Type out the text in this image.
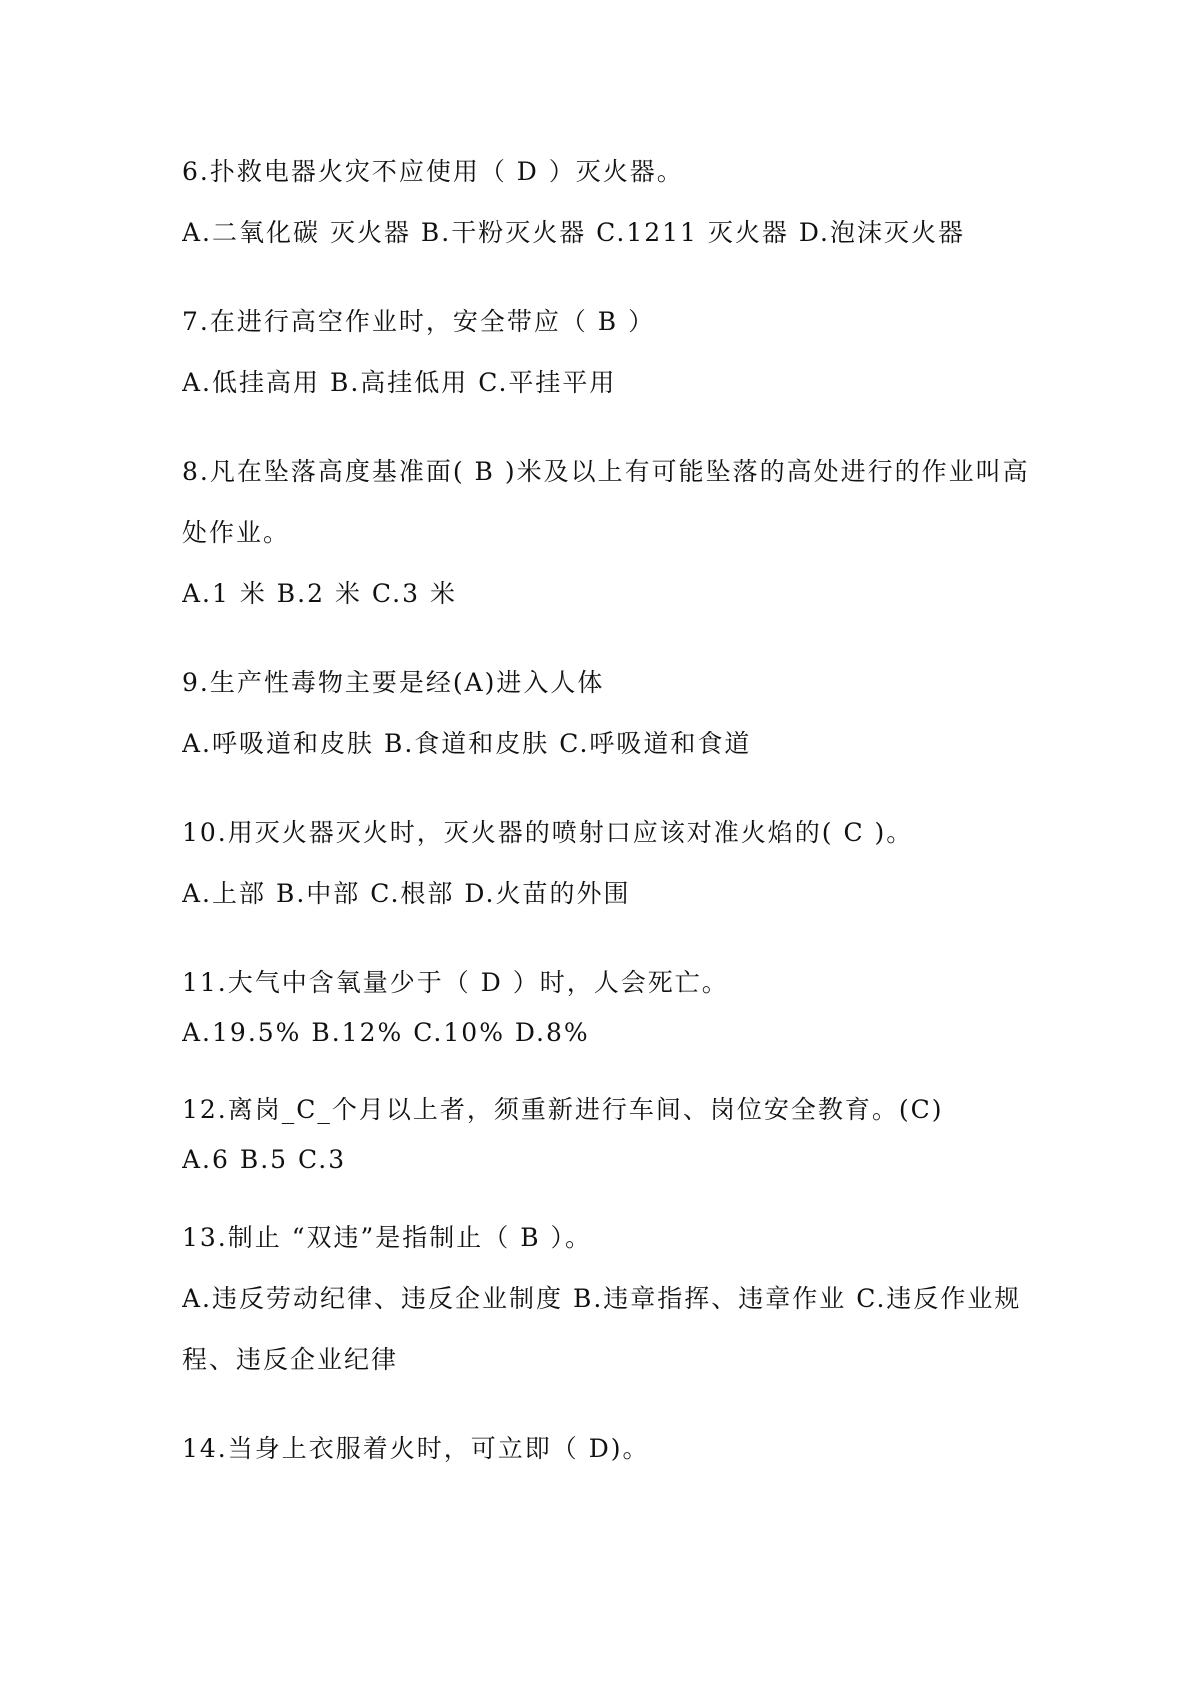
6.扑救电器火灾不应使用（ D ）灭火器。
A.二氧化碳 灭火器 B.干粉灭火器 C.1211 灭火器 D.泡沫灭火器
7.在进行高空作业时，安全带应（ B ）
A.低挂高用 B.高挂低用 C.平挂平用
8.凡在坠落高度基准面( B )米及以上有可能坠落的高处进行的作业叫高
处作业。
A.1 米 B.2 米 C.3 米
9.生产性毒物主要是经(A)进入人体
A.呼吸道和皮肤 B.食道和皮肤 C.呼吸道和食道
10.用灭火器灭火时，灭火器的喷射口应该对准火焰的( C )。
A.上部 B.中部 C.根部 D.火苗的外围
11.大气中含氧量少于（ D ）时，人会死亡。
A.19.5% B.12% C.10% D.8%
12.离岗_C_个月以上者，须重新进行车间、岗位安全教育。(C)
A.6 B.5 C.3
13.制止 “双违”是指制止（ B ）。
A.违反劳动纪律、违反企业制度 B.违章指挥、违章作业 C.违反作业规
程、违反企业纪律
14.当身上衣服着火时，可立即（ D)。
